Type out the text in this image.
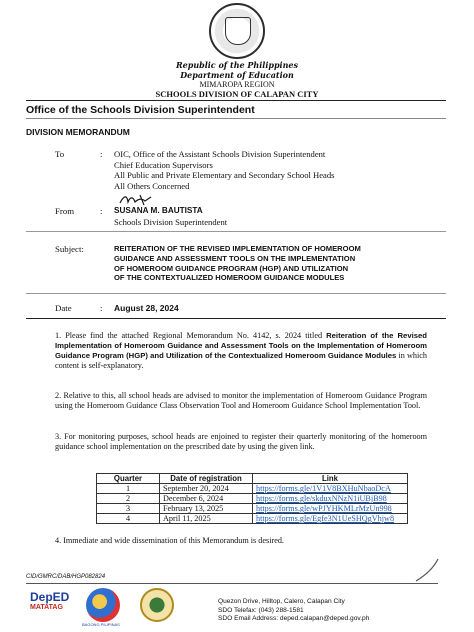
Republic of the Philippines
Department of Education
MIMAROPA REGION
SCHOOLS DIVISION OF CALAPAN CITY
Office of the Schools Division Superintendent
DIVISION MEMORANDUM
To	: OIC, Office of the Assistant Schools Division Superintendent
Chief Education Supervisors
All Public and Private Elementary and Secondary School Heads
All Others Concerned
From	: SUSANA M. BAUTISTA
Schools Division Superintendent
Subject:	REITERATION OF THE REVISED IMPLEMENTATION OF HOMEROOM
GUIDANCE AND ASSESSMENT TOOLS ON THE IMPLEMENTATION
OF HOMEROOM GUIDANCE PROGRAM (HGP) AND UTILIZATION
OF THE CONTEXTUALIZED HOMEROOM GUIDANCE MODULES
Date	: August 28, 2024
1. Please find the attached Regional Memorandum No. 4142, s. 2024 titled Reiteration of the Revised Implementation of Homeroom Guidance and Assessment Tools on the Implementation of Homeroom Guidance Program (HGP) and Utilization of the Contextualized Homeroom Guidance Modules in which content is self-explanatory.
2. Relative to this, all school heads are advised to monitor the implementation of Homeroom Guidance Program using the Homeroom Guidance Class Observation Tool and Homeroom Guidance School Implementation Tool.
3. For monitoring purposes, school heads are enjoined to register their quarterly monitoring of the homeroom guidance school implementation on the prescribed date by using the given link.
Quarter	Date of registration	Link
1	September 20, 2024	https://forms.gle/1V1V8BXHuNbaoDcA
2	December 6, 2024	https://forms.gle/skduxNNzN1iUBjB98
3	February 13, 2025	https://forms.gle/wPJYHKMLrMzUn998
4	April 11, 2025	https://forms.gle/Egfe3N1UeSHQgVhjw8
4. Immediate and wide dissemination of this Memorandum is desired.
CID/GMRC/DAB/HGP082824
DepED
MATATAG
BAGONG PILIPINAS
Quezon Drive, Hilltop, Calero, Calapan City
SDO Telefax: (043) 288-1581
SDO Email Address: deped.calapan@deped.gov.ph
